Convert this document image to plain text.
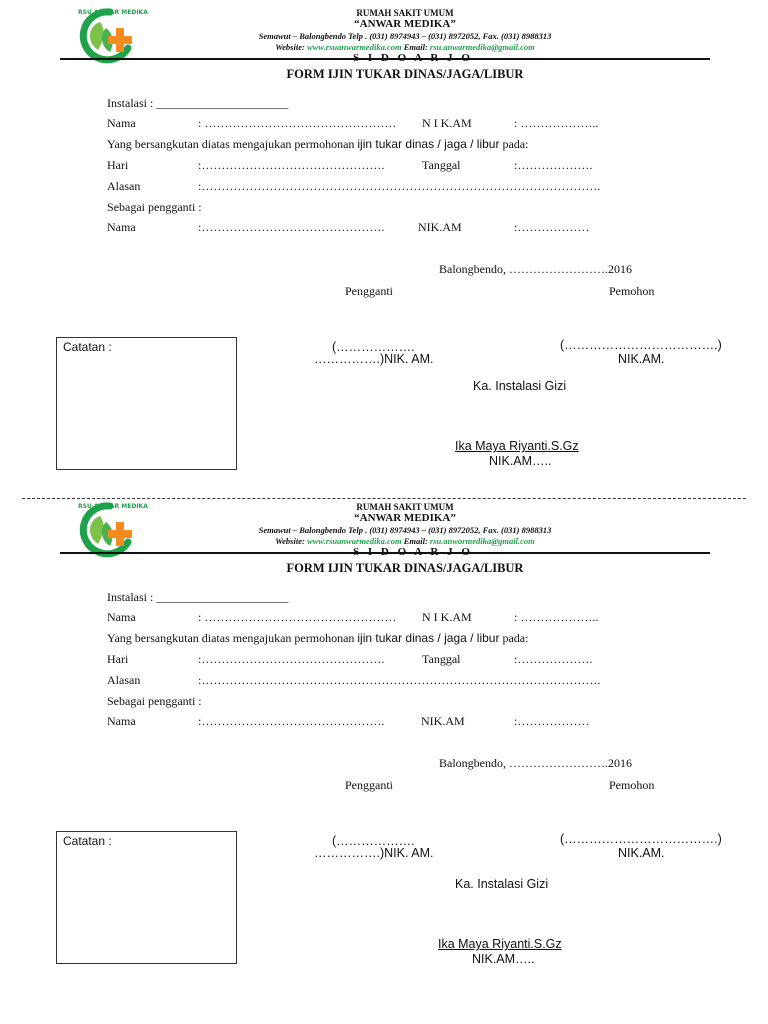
RSU ANWAR MEDIKA	RUMAH SAKIT UMUM
“ANWAR MEDIKA”
Semawut – Balongbendo Telp . (031) 8974943 – (031) 8972052, Fax. (031) 8988313
Website: www.rsuanwarmedika.com Email: rsu.anwarmedika@gmail.com
FORM IJIN TUKAR DINAS/JAGA/LIBUR
Instalasi : ______________________
Nama	: ………………………………………… N I K.AM	: ………………..
Yang bersangkutan diatas mengajukan permohonan ijin tukar dinas / jaga / libur pada:
Hari	:……………………………………….	Tanggal	:……………….
Alasan	:……………………………………………………………………………………….
Sebagai pengganti :
Nama	:……………………………………….	NIK.AM	:………………
Balongbendo, …………………….2016
Pengganti	Pemohon
Catatan :	(……………….
…………….)NIK. AM.
(……………………………….)
NIK.AM.
Ka. Instalasi Gizi
Ika Maya Riyanti.S.Gz
NIK.AM…..
RSU ANWAR MEDIKA	RUMAH SAKIT UMUM
“ANWAR MEDIKA”
Semawut – Balongbendo Telp . (031) 8974943 – (031) 8972052, Fax. (031) 8988313
Website: www.rsuanwarmedika.com Email: rsu.anwarmedika@gmail.com
FORM IJIN TUKAR DINAS/JAGA/LIBUR
Instalasi : ______________________
Nama	: ………………………………………… N I K.AM	: ………………..
Yang bersangkutan diatas mengajukan permohonan ijin tukar dinas / jaga / libur pada:
Hari	:……………………………………….	Tanggal	:……………….
Alasan	:……………………………………………………………………………………….
Sebagai pengganti :
Nama	:……………………………………….	NIK.AM	:………………
Balongbendo, …………………….2016
Pengganti	Pemohon
Catatan :	(……………….
…………….)NIK. AM.
(……………………………….)
NIK.AM.
Ka. Instalasi Gizi
Ika Maya Riyanti.S.Gz
NIK.AM…..
